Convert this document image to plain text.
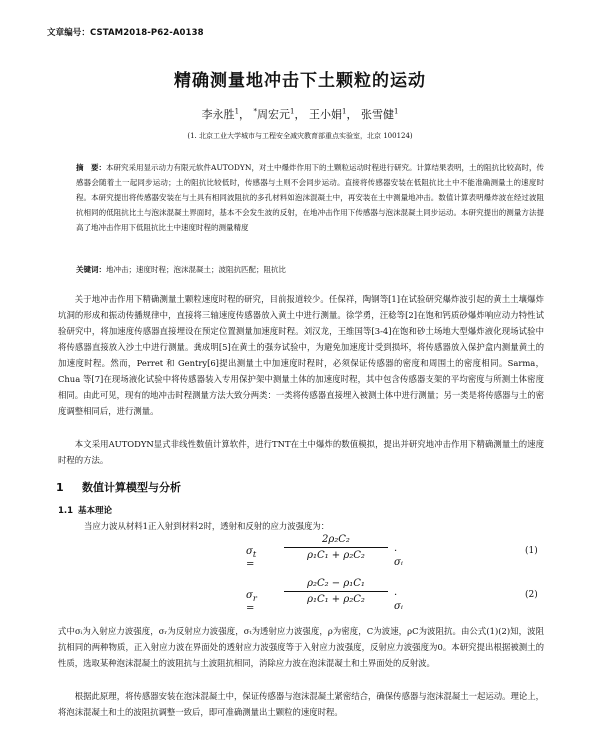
文章编号：CSTAM2018-P62-A0138
精确测量地冲击下土颗粒的运动
李永胜$^1$， *周宏元$^1$， 王小娟$^1$， 张雪健$^1$
(1. 北京工业大学城市与工程安全减灾教育部重点实验室，北京 100124)
摘　要：本研究采用显示动力有限元软件AUTODYN，对土中爆炸作用下的土颗粒运动时程进行研究。计算结果表明，土的阻抗比较高时，传感器会随着土一起同步运动；土的阻抗比较低时，传感器与土则不会同步运动。直接将传感器安装在低阻抗比土中不能准确测量土的速度时程。本研究提出将传感器安装在与土具有相同波阻抗的多孔材料如泡沫混凝土中，再安装在土中测量地冲击。数值计算表明爆炸波在经过波阻抗相同的低阻抗比土与泡沫混凝土界面时，基本不会发生波的反射，在地冲击作用下传感器与泡沫混凝土同步运动。本研究提出的测量方法提高了地冲击作用下低阻抗比土中速度时程的测量精度
关键词：地冲击；速度时程；泡沫混凝土；波阻抗匹配；阻抗比
关于地冲击作用下精确测量土颗粒速度时程的研究，目前报道较少。任保祥，陶钢等[1]在试验研究爆炸波引起的黄土土壤爆炸坑洞的形成和振动传播规律中，直接将三轴速度传感器放入黄土中进行测量。徐学勇，汪稔等[2]在饱和钙质砂爆炸响应动力特性试验研究中，将加速度传感器直接埋设在预定位置测量加速度时程。刘汉龙，王维国等[3-4]在饱和砂土场地大型爆炸液化现场试验中将传感器直接放入沙土中进行测量。龚成明[5]在黄土的强夯试验中，为避免加速度计受到损坏，将传感器放入保护盒内测量黄土的加速度时程。然而，Perret 和 Gentry[6]提出测量土中加速度时程时，必须保证传感器的密度和周围土的密度相同。Sarma，Chua 等[7]在现场液化试验中将传感器装入专用保护架中测量土体的加速度时程，其中包含传感器支架的平均密度与所测土体密度相同。由此可见，现有的地冲击时程测量方法大致分两类：一类将传感器直接埋入被测土体中进行测量；另一类是将传感器与土的密度调整相同后，进行测量。
本文采用AUTODYN显式非线性数值计算软件，进行TNT在土中爆炸的数值模拟，提出并研究地冲击作用下精确测量土的速度时程的方法。
1 数值计算模型与分析
1.1 基本理论
当应力波从材料1正入射到材料2时，透射和反射的应力波强度为：
$\sigma_t$ =
2ρ₂C₂
ρ₁C₁ + ρ₂C₂	· σᵢ
(1)
$\sigma_r$ =
ρ₂C₂ − ρ₁C₁
ρ₁C₁ + ρ₂C₂	· σᵢ
(2)
式中σᵢ为入射应力波强度，σᵣ为反射应力波强度，σₜ为透射应力波强度，ρ为密度，C为波速，ρC为波阻抗。由公式(1)(2)知，波阻抗相同的两种物质，正入射应力波在界面处的透射应力波强度等于入射应力波强度，反射应力波强度为0。本研究提出根据被测土的性质，选取某种泡沫混凝土的波阻抗与土波阻抗相同，消除应力波在泡沫混凝土和土界面处的反射波。
根据此原理，将传感器安装在泡沫混凝土中，保证传感器与泡沫混凝土紧密结合，确保传感器与泡沫混凝土一起运动。理论上，将泡沫混凝土和土的波阻抗调整一致后，即可准确测量出土颗粒的速度时程。
